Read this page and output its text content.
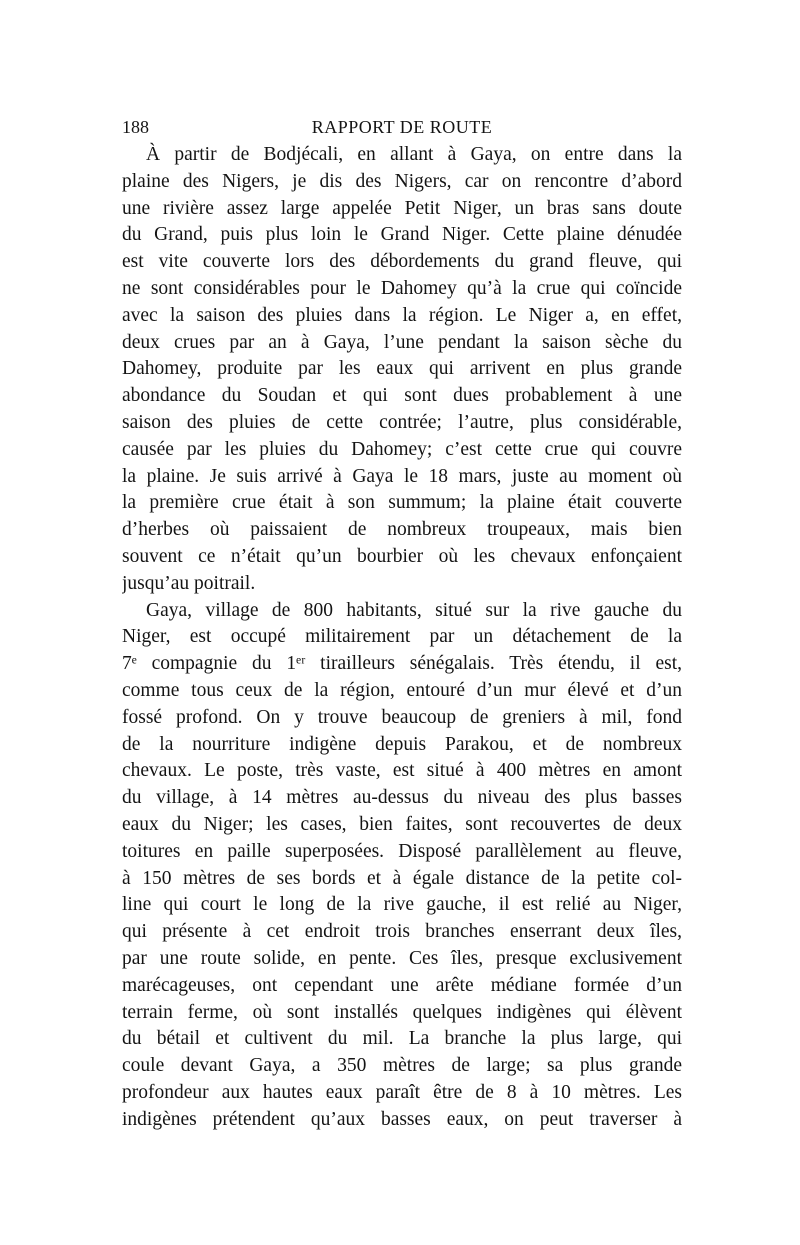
188	RAPPORT DE ROUTE
À partir de Bodjécali, en allant à Gaya, on entre dans la
plaine des Nigers, je dis des Nigers, car on rencontre d’abord
une rivière assez large appelée Petit Niger, un bras sans doute
du Grand, puis plus loin le Grand Niger. Cette plaine dénudée
est vite couverte lors des débordements du grand fleuve, qui
ne sont considérables pour le Dahomey qu’à la crue qui coïncide
avec la saison des pluies dans la région. Le Niger a, en effet,
deux crues par an à Gaya, l’une pendant la saison sèche du
Dahomey, produite par les eaux qui arrivent en plus grande
abondance du Soudan et qui sont dues probablement à une
saison des pluies de cette contrée; l’autre, plus considérable,
causée par les pluies du Dahomey; c’est cette crue qui couvre
la plaine. Je suis arrivé à Gaya le 18 mars, juste au moment où
la première crue était à son summum; la plaine était couverte
d’herbes où paissaient de nombreux troupeaux, mais bien
souvent ce n’était qu’un bourbier où les chevaux enfonçaient
jusqu’au poitrail.
Gaya, village de 800 habitants, situé sur la rive gauche du
Niger, est occupé militairement par un détachement de la
7ᵉ compagnie du 1ᵉʳ tirailleurs sénégalais. Très étendu, il est,
comme tous ceux de la région, entouré d’un mur élevé et d’un
fossé profond. On y trouve beaucoup de greniers à mil, fond
de la nourriture indigène depuis Parakou, et de nombreux
chevaux. Le poste, très vaste, est situé à 400 mètres en amont
du village, à 14 mètres au-dessus du niveau des plus basses
eaux du Niger; les cases, bien faites, sont recouvertes de deux
toitures en paille superposées. Disposé parallèlement au fleuve,
à 150 mètres de ses bords et à égale distance de la petite col-
line qui court le long de la rive gauche, il est relié au Niger,
qui présente à cet endroit trois branches enserrant deux îles,
par une route solide, en pente. Ces îles, presque exclusivement
marécageuses, ont cependant une arête médiane formée d’un
terrain ferme, où sont installés quelques indigènes qui élèvent
du bétail et cultivent du mil. La branche la plus large, qui
coule devant Gaya, a 350 mètres de large; sa plus grande
profondeur aux hautes eaux paraît être de 8 à 10 mètres. Les
indigènes prétendent qu’aux basses eaux, on peut traverser à
